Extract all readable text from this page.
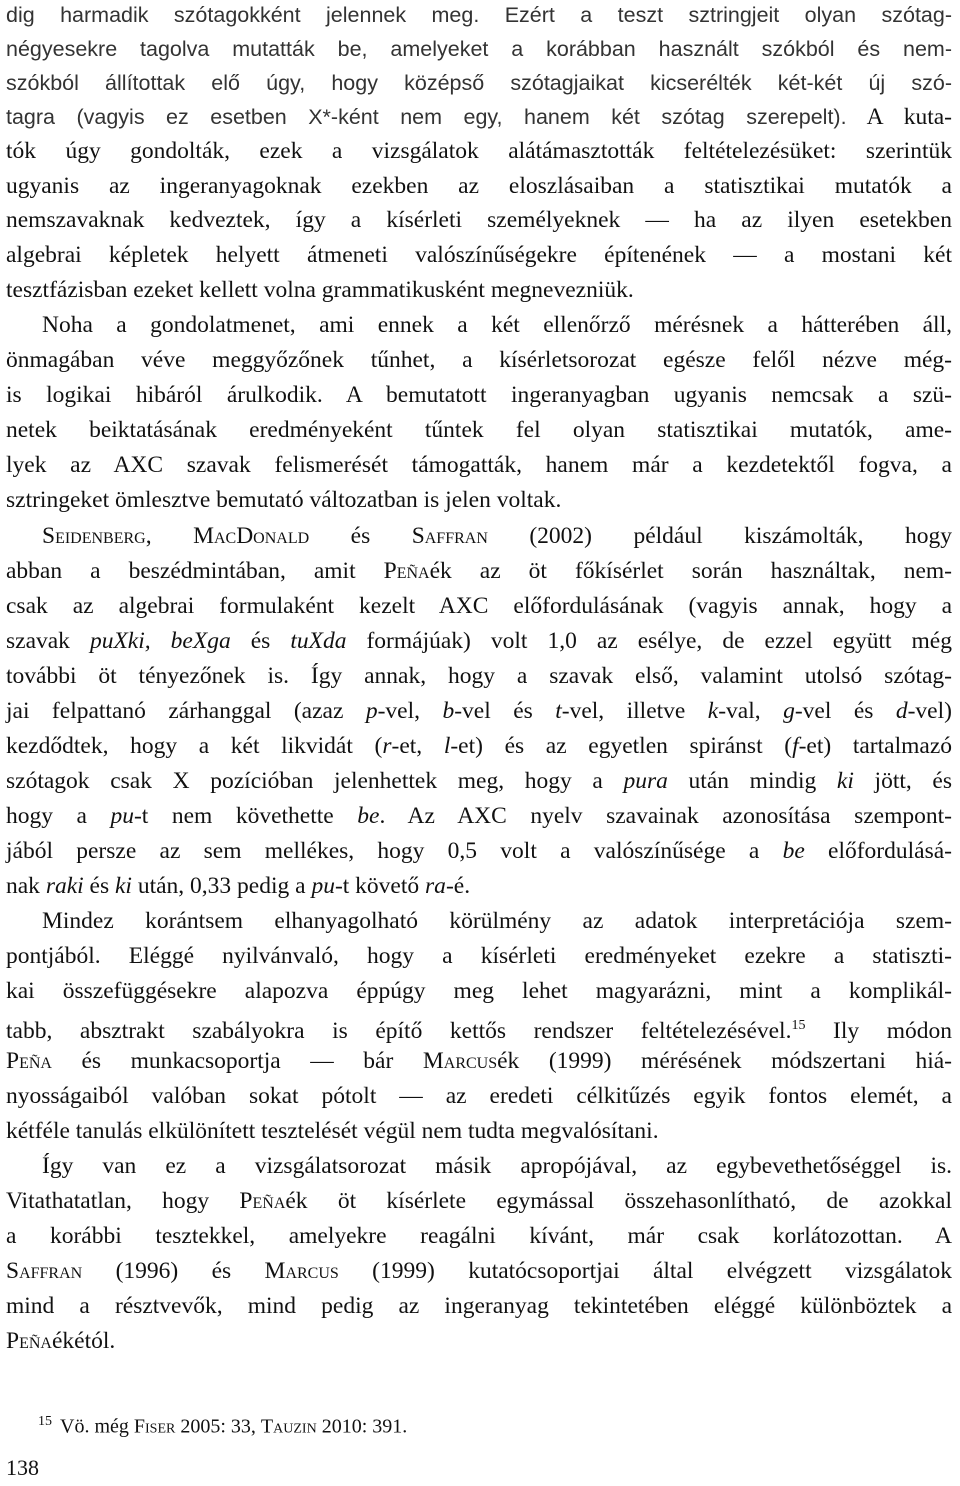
dig harmadik szótagokként jelennek meg. Ezért a teszt sztringjeit olyan szótag-
négyesekre tagolva mutatták be, amelyeket a korábban használt szókból és nem-
szókból állítottak elő úgy, hogy középső szótagjaikat kicserélték két-két új szó-
tagra (vagyis ez esetben X*-ként nem egy, hanem két szótag szerepelt). A kuta-
tók úgy gondolták, ezek a vizsgálatok alátámasztották feltételezésüket: szerintük
ugyanis az ingeranyagoknak ezekben az eloszlásaiban a statisztikai mutatók a
nemszavaknak kedveztek, így a kísérleti személyeknek — ha az ilyen esetekben
algebrai képletek helyett átmeneti valószínűségekre építenének — a mostani két
tesztfázisban ezeket kellett volna grammatikusként megnevezniük.
Noha a gondolatmenet, ami ennek a két ellenőrző mérésnek a hátterében áll,
önmagában véve meggyőzőnek tűnhet, a kísérletsorozat egésze felől nézve még-
is logikai hibáról árulkodik. A bemutatott ingeranyagban ugyanis nemcsak a szü-
netek beiktatásának eredményeként tűntek fel olyan statisztikai mutatók, ame-
lyek az AXC szavak felismerését támogatták, hanem már a kezdetektől fogva, a
sztringeket ömlesztve bemutató változatban is jelen voltak.
Seidenberg, MacDonald és Saffran (2002) például kiszámolták, hogy
abban a beszédmintában, amit Peñaék az öt főkísérlet során használtak, nem-
csak az algebrai formulaként kezelt AXC előfordulásának (vagyis annak, hogy a
szavak puXki, beXga és tuXda formájúak) volt 1,0 az esélye, de ezzel együtt még
további öt tényezőnek is. Így annak, hogy a szavak első, valamint utolsó szótag-
jai felpattanó zárhanggal (azaz p-vel, b-vel és t-vel, illetve k-val, g-vel és d-vel)
kezdődtek, hogy a két likvidát (r-et, l-et) és az egyetlen spiránst (f-et) tartalmazó
szótagok csak X pozícióban jelenhettek meg, hogy a pura után mindig ki jött, és
hogy a pu-t nem követhette be. Az AXC nyelv szavainak azonosítása szempont-
jából persze az sem mellékes, hogy 0,5 volt a valószínűsége a be előfordulásá-
nak raki és ki után, 0,33 pedig a pu-t követő ra-é.
Mindez korántsem elhanyagolható körülmény az adatok interpretációja szem-
pontjából. Eléggé nyilvánvaló, hogy a kísérleti eredményeket ezekre a statiszti-
kai összefüggésekre alapozva éppúgy meg lehet magyarázni, mint a komplikál-
tabb, absztrakt szabályokra is építő kettős rendszer feltételezésével.$^{15}$ Ily módon
Peña és munkacsoportja — bár Marcusék (1999) mérésének módszertani hiá-
nyosságaiból valóban sokat pótolt — az eredeti célkitűzés egyik fontos elemét, a
kétféle tanulás elkülönített tesztelését végül nem tudta megvalósítani.
Így van ez a vizsgálatsorozat másik apropójával, az egybevethetőséggel is.
Vitathatatlan, hogy Peñaék öt kísérlete egymással összehasonlítható, de azokkal
a korábbi tesztekkel, amelyekre reagálni kívánt, már csak korlátozottan. A
Saffran (1996) és Marcus (1999) kutatócsoportjai által elvégzett vizsgálatok
mind a résztvevők, mind pedig az ingeranyag tekintetében eléggé különböztek a
Peñaékétól.
$^{15}$ Vö. még Fiser 2005: 33, Tauzin 2010: 391.
138
